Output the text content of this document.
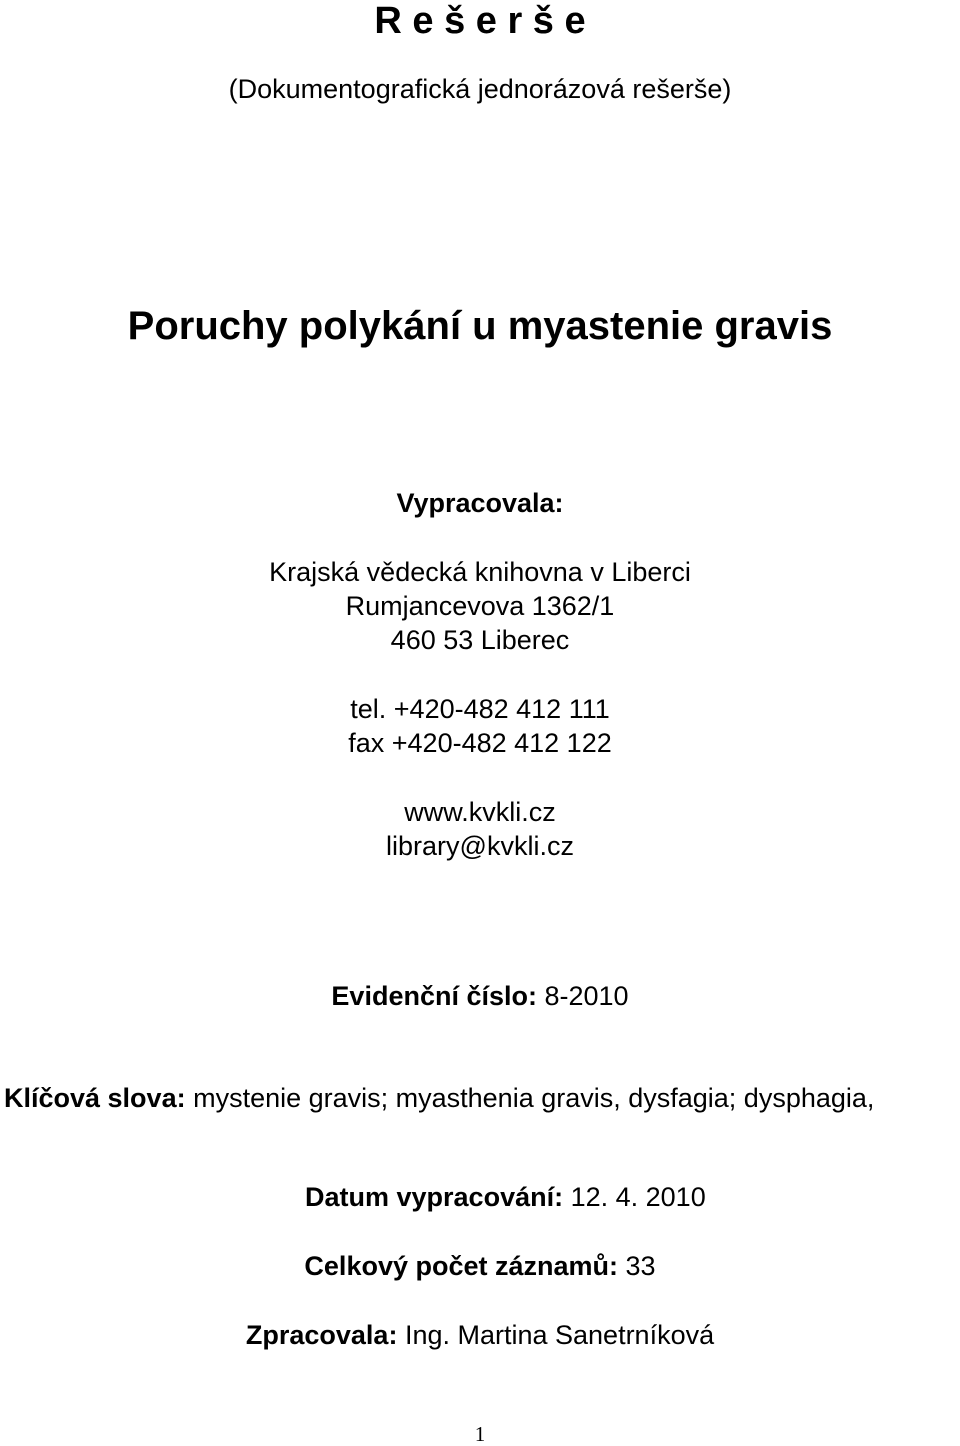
R e š e r š e
(Dokumentografická jednorázová rešerše)
Poruchy polykání u myastenie gravis
Vypracovala:
Krajská vědecká knihovna v Liberci
Rumjancevova 1362/1
460 53 Liberec
tel. +420-482 412 111
fax +420-482 412 122
www.kvkli.cz
library@kvkli.cz
Evidenční číslo: 8-2010
Klíčová slova: mystenie gravis; myasthenia gravis, dysfagia; dysphagia,
Datum vypracování: 12. 4. 2010
Celkový počet záznamů: 33
Zpracovala: Ing. Martina Sanetrníková
1
